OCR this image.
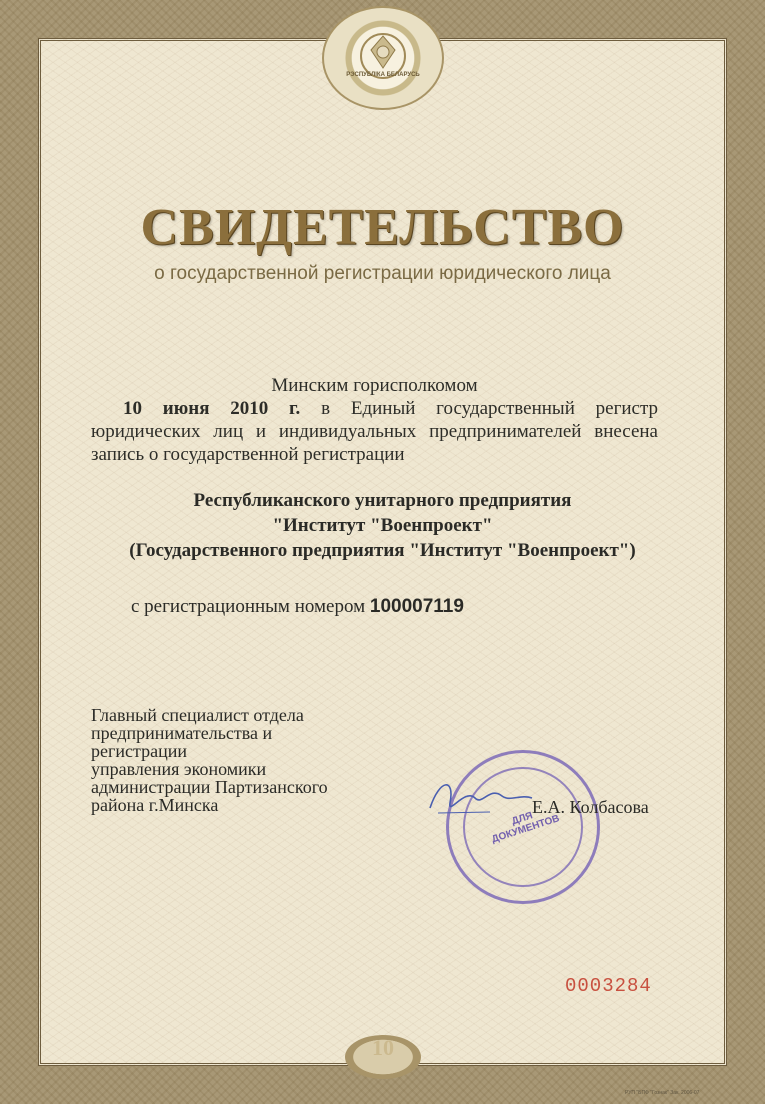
РЭСПУБЛІКА БЕЛАРУСЬ
СВИДЕТЕЛЬСТВО
о государственной регистрации юридического лица
Минским горисполкомом
10 июня 2010 г. в Единый государственный регистр юридических лиц и индивидуальных предпринимателей внесена запись о государственной регистрации
Республиканского унитарного предприятия
"Институт "Военпроект"
(Государственного предприятия "Институт "Военпроект")
с регистрационным номером 100007119
Главный специалист отдела
предпринимательства и
регистрации
управления экономики
администрации Партизанского
района г.Минска
ДЛЯ ДОКУМЕНТОВ
Е.А. Колбасова
0003284
10
РУП "БПФ "Гознак" Зак. 2006-07
